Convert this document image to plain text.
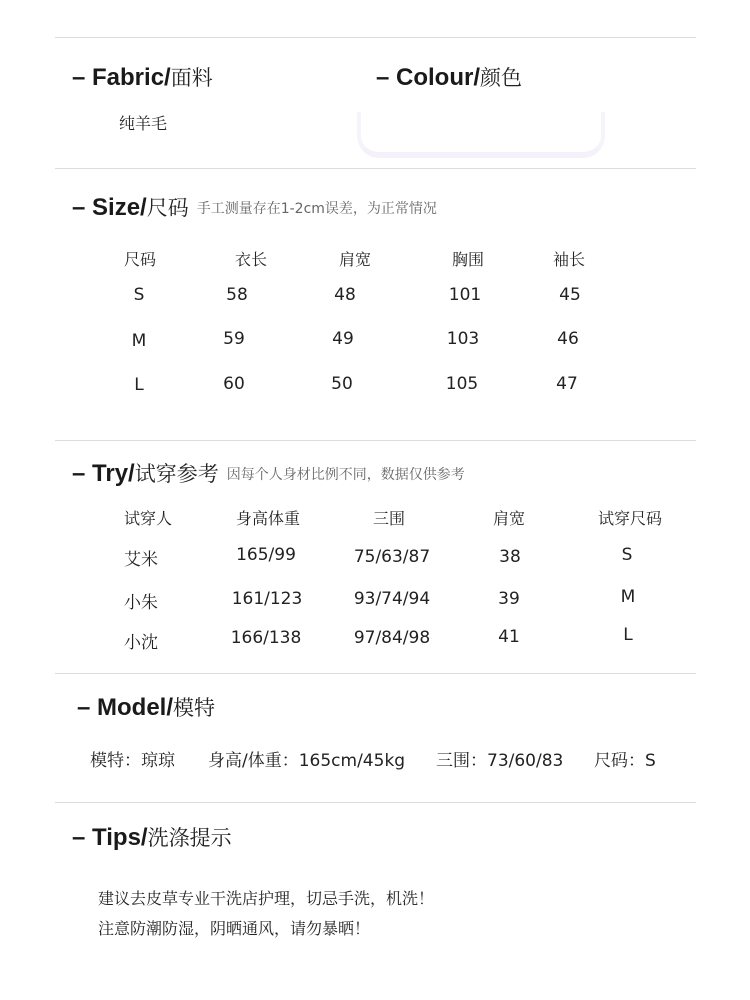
– Fabric/面料
纯羊毛
– Colour/颜色
– Size/尺码 手工测量存在1-2cm误差，为正常情况
尺码	衣长	肩宽	胸围	袖长
S	58	48	101	45
M	59	49	103	46
L	60	50	105	47
– Try/试穿参考 因每个人身材比例不同，数据仅供参考
试穿人	身高体重	三围	肩宽	试穿尺码
艾米	165/99	75/63/87	38	S
小朱	161/123	93/74/94	39	M
小沈	166/138	97/84/98	41	L
– Model/模特
模特：琼琼 身高/体重：165cm/45kg 三围：73/60/83 尺码：S
– Tips/洗涤提示
建议去皮草专业干洗店护理，切忌手洗，机洗！
注意防潮防湿，阴晒通风，请勿暴晒！
